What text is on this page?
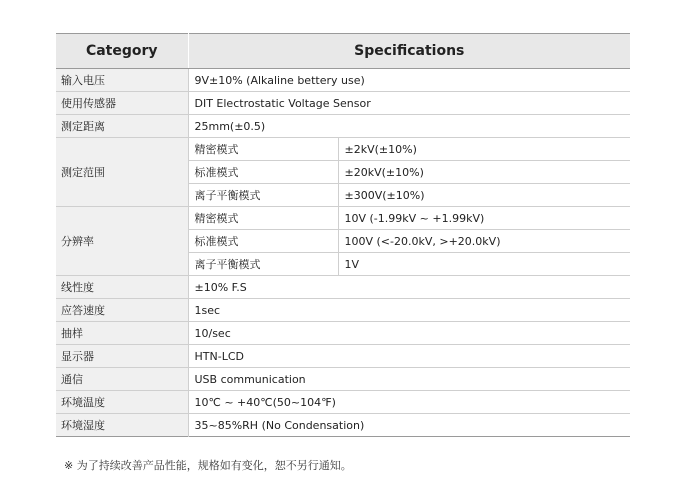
Category	Specifications	
输入电压	9V±10% (Alkaline bettery use)	
使用传感器	DIT Electrostatic Voltage Sensor	
测定距离	25mm(±0.5)	
测定范围	精密模式	±2kV(±10%)
	标准模式	±20kV(±10%)
	离子平衡模式	±300V(±10%)
分辨率	精密模式	10V (-1.99kV ~ +1.99kV)
	标准模式	100V (<-20.0kV, >+20.0kV)
	离子平衡模式	1V
线性度	±10% F.S	
应答速度	1sec	
抽样	10/sec	
显示器	HTN-LCD	
通信	USB communication	
环境温度	10℃ ~ +40℃(50~104℉)	
环境湿度	35~85%RH (No Condensation)	
※ 为了持续改善产品性能，规格如有变化，恕不另行通知。
